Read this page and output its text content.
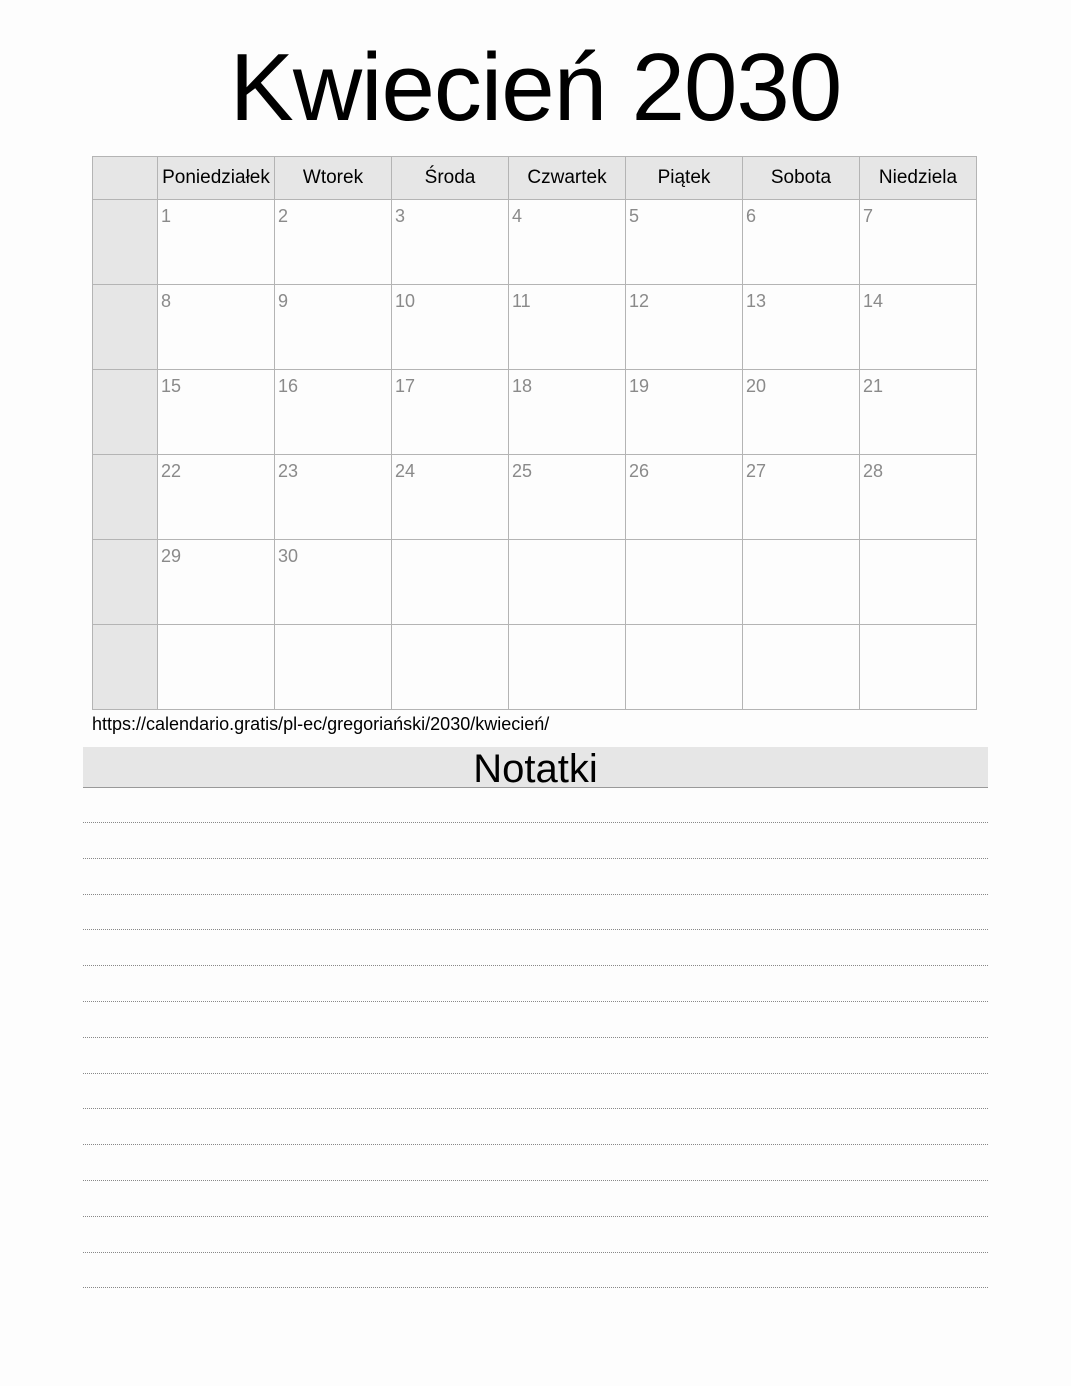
Kwiecień 2030
	Poniedziałek	Wtorek	Środa	Czwartek	Piątek	Sobota	Niedziela
	1	2	3	4	5	6	7
	8	9	10	11	12	13	14
	15	16	17	18	19	20	21
	22	23	24	25	26	27	28
	29	30					

https://calendario.gratis/pl-ec/gregoriański/2030/kwiecień/
Notatki
